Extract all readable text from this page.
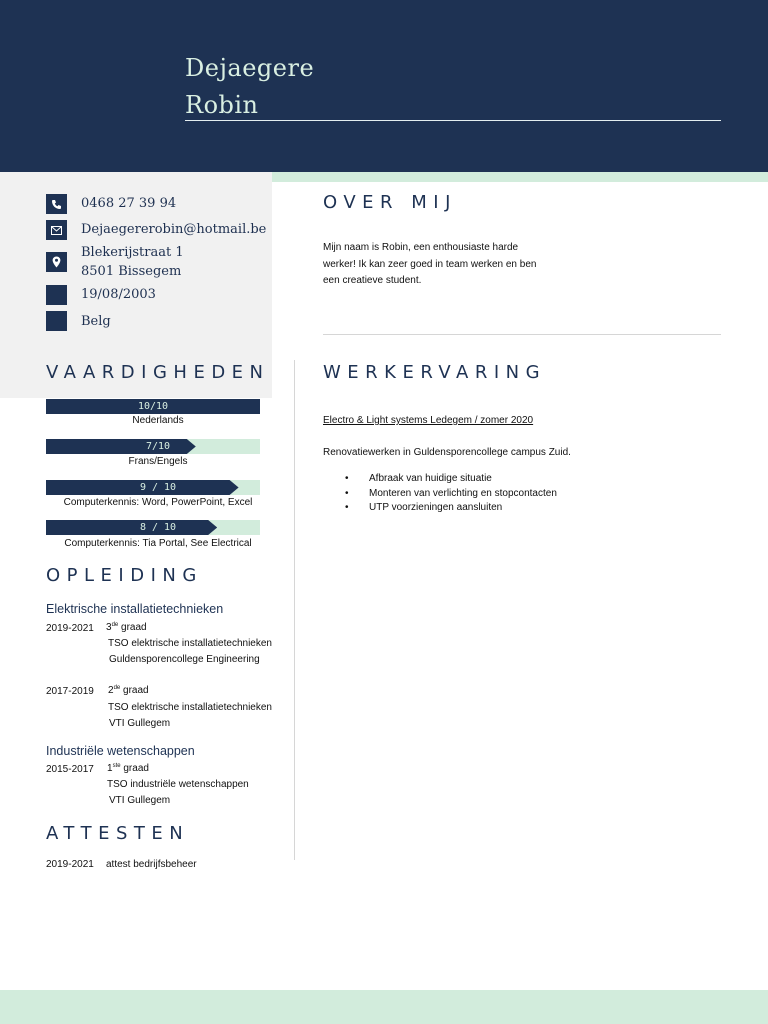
Dejaegere
Robin
0468 27 39 94
Dejaegererobin@hotmail.be
Blekerijstraat 1
8501 Bissegem
19/08/2003
Belg
OVER MIJ
Mijn naam is Robin, een enthousiaste harde werker! Ik kan zeer goed in team werken en ben een creatieve student.
VAARDIGHEDEN
10/10
Nederlands
7/10
Frans/Engels
9 / 10
Computerkennis: Word, PowerPoint, Excel
8 / 10
Computerkennis: Tia Portal, See Electrical
OPLEIDING
Elektrische installatietechnieken
2019-2021 3de graad
TSO elektrische installatietechnieken
Guldensporencollege Engineering
2017-2019 2de graad
TSO elektrische installatietechnieken
VTI Gullegem
Industriële wetenschappen
2015-2017 1ste graad
TSO industriële wetenschappen
VTI Gullegem
ATTESTEN
2019-2021 attest bedrijfsbeheer
WERKERVARING
Electro & Light systems Ledegem / zomer 2020
Renovatiewerken in Guldensporencollege campus Zuid.
• Afbraak van huidige situatie
• Monteren van verlichting en stopcontacten
• UTP voorzieningen aansluiten
